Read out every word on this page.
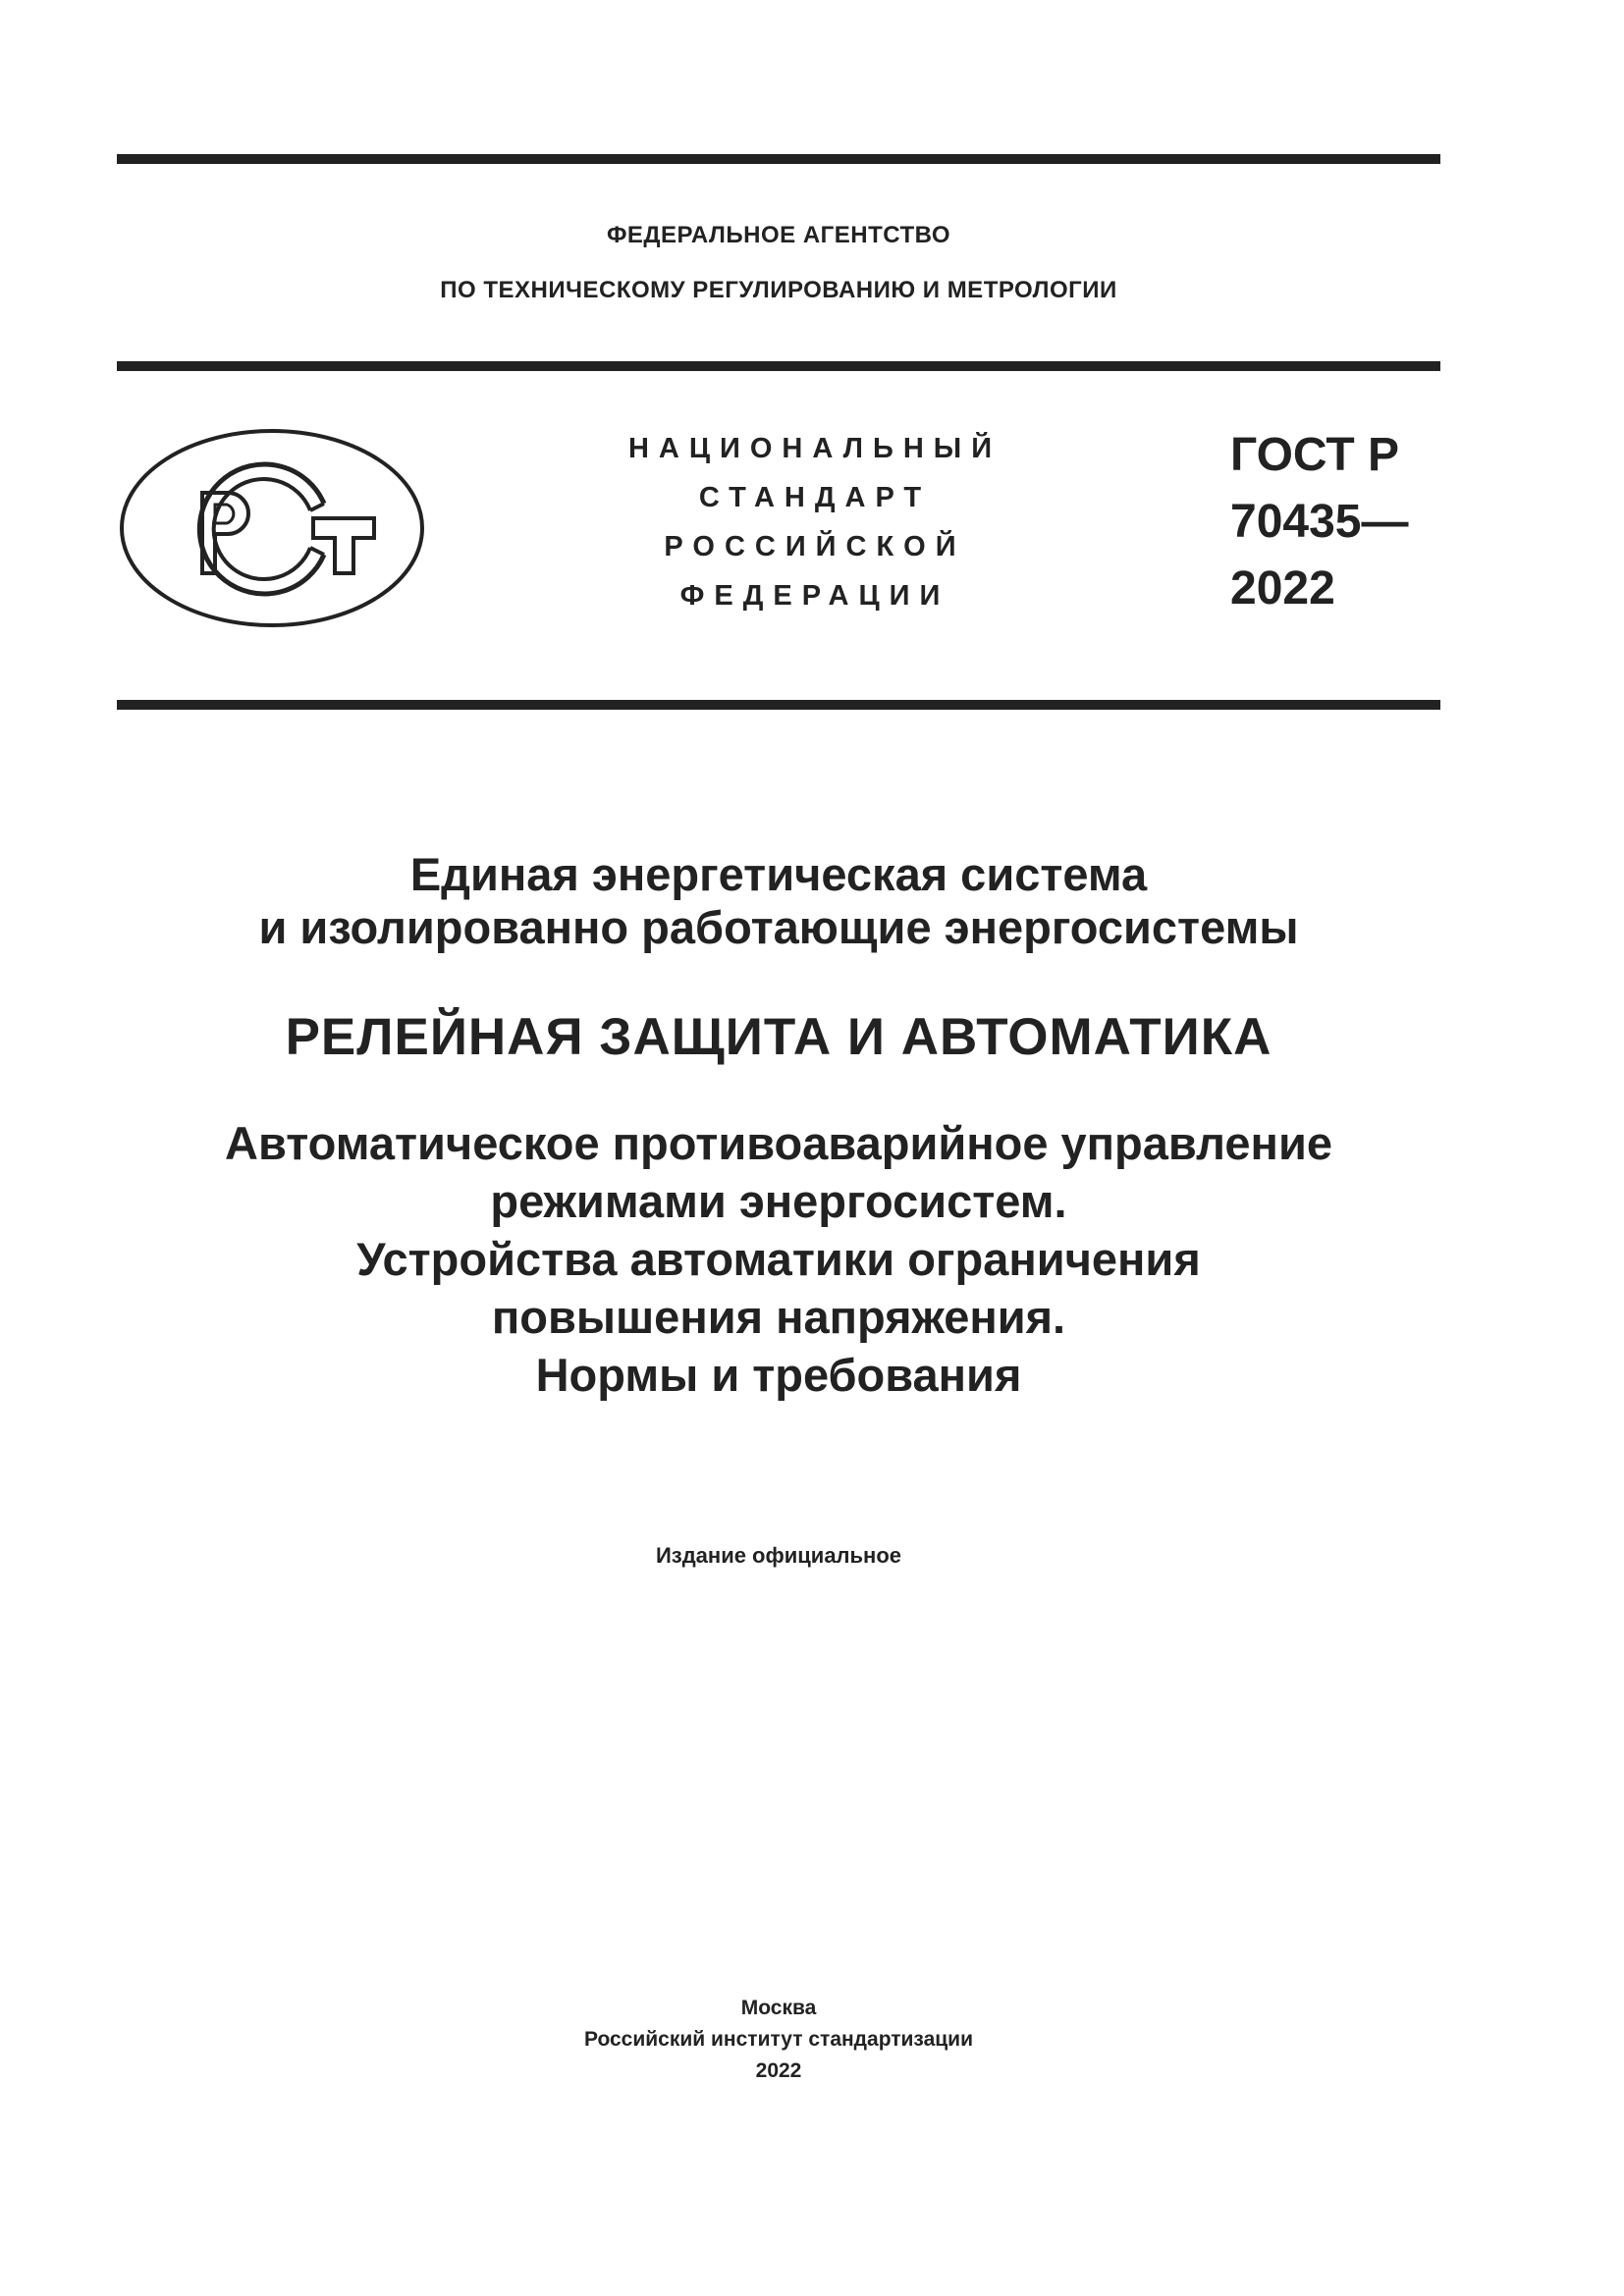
ФЕДЕРАЛЬНОЕ АГЕНТСТВО
ПО ТЕХНИЧЕСКОМУ РЕГУЛИРОВАНИЮ И МЕТРОЛОГИИ
НАЦИОНАЛЬНЫЙ
СТАНДАРТ
РОССИЙСКОЙ
ФЕДЕРАЦИИ
ГОСТ Р
70435—
2022
Единая энергетическая система
и изолированно работающие энергосистемы
РЕЛЕЙНАЯ ЗАЩИТА И АВТОМАТИКА
Автоматическое противоаварийное управление
режимами энергосистем.
Устройства автоматики ограничения
повышения напряжения.
Нормы и требования
Издание официальное
Москва
Российский институт стандартизации
2022
